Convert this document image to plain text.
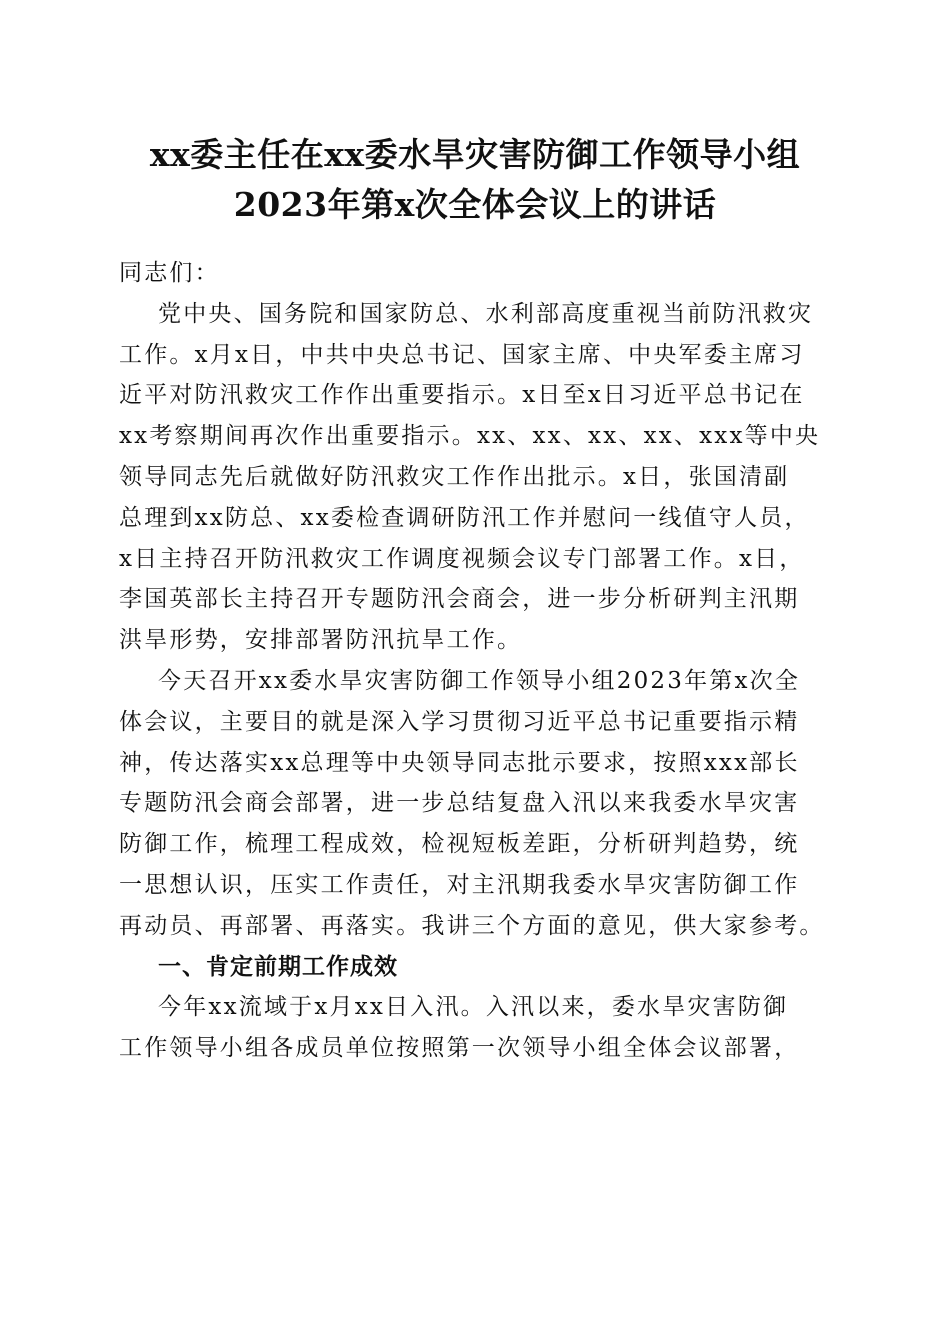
xx委主任在xx委水旱灾害防御工作领导小组
2023年第x次全体会议上的讲话
同志们：
党中央、国务院和国家防总、水利部高度重视当前防汛救灾
工作。x月x日，中共中央总书记、国家主席、中央军委主席习
近平对防汛救灾工作作出重要指示。x日至x日习近平总书记在
xx考察期间再次作出重要指示。xx、xx、xx、xx、xxx等中央
领导同志先后就做好防汛救灾工作作出批示。x日，张国清副
总理到xx防总、xx委检查调研防汛工作并慰问一线值守人员，
x日主持召开防汛救灾工作调度视频会议专门部署工作。x日，
李国英部长主持召开专题防汛会商会，进一步分析研判主汛期
洪旱形势，安排部署防汛抗旱工作。
今天召开xx委水旱灾害防御工作领导小组2023年第x次全
体会议，主要目的就是深入学习贯彻习近平总书记重要指示精
神，传达落实xx总理等中央领导同志批示要求，按照xxx部长
专题防汛会商会部署，进一步总结复盘入汛以来我委水旱灾害
防御工作，梳理工程成效，检视短板差距，分析研判趋势，统
一思想认识，压实工作责任，对主汛期我委水旱灾害防御工作
再动员、再部署、再落实。我讲三个方面的意见，供大家参考。
一、肯定前期工作成效
今年xx流域于x月xx日入汛。入汛以来，委水旱灾害防御
工作领导小组各成员单位按照第一次领导小组全体会议部署，
